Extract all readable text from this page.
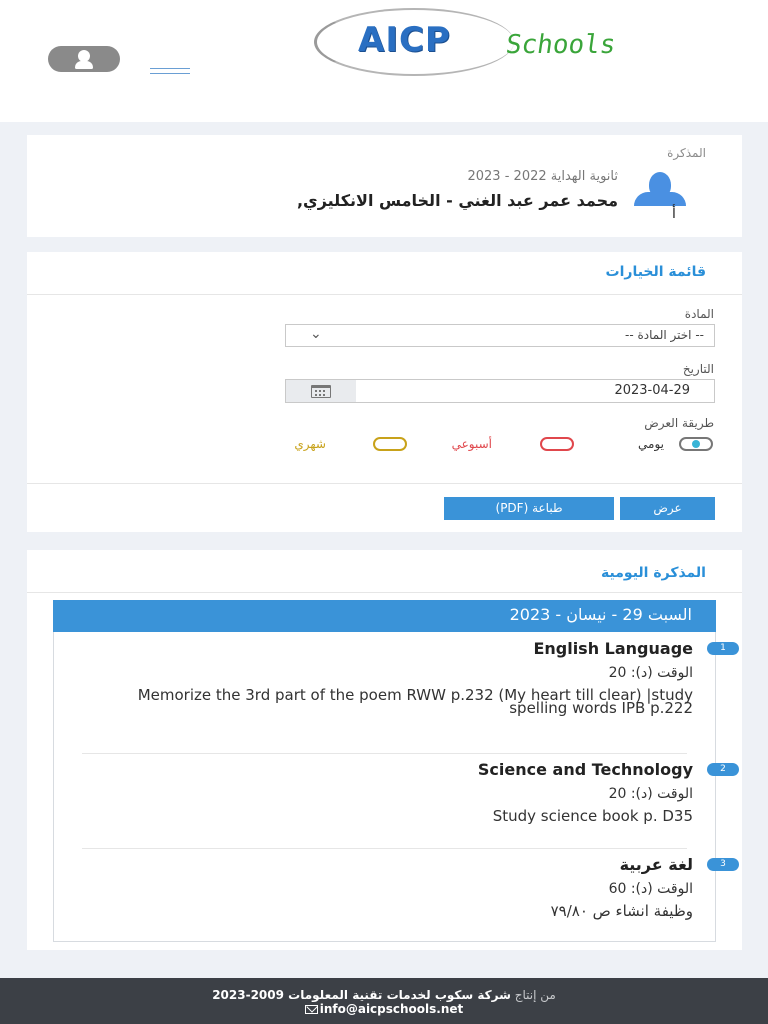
AICP Schools
المذكرة
ثانوية الهداية 2022 - 2023
محمد عمر عبد الغني - الخامس الانكليزي,
أ
قائمة الخيارات
المادة
-- اختر المادة --
⌄
التاريخ
2023-04-29
طريقة العرض
يومي
أسبوعي
شهري
عرض
طباعة (PDF)
المذكرة اليومية
السبت 29 - نيسان - 2023
1
English Language
الوقت (د): 20
Memorize the 3rd part of the poem RWW p.232 (My heart till clear) |study spelling words IPB p.222
2
Science and Technology
الوقت (د): 20
Study science book p. D35
3
لغة عربية
الوقت (د): 60
وظيفة انشاء ص ٧٩/٨٠
من إنتاج شركة سكوب لخدمات تقنية المعلومات 2009-2023
info@aicpschools.net
